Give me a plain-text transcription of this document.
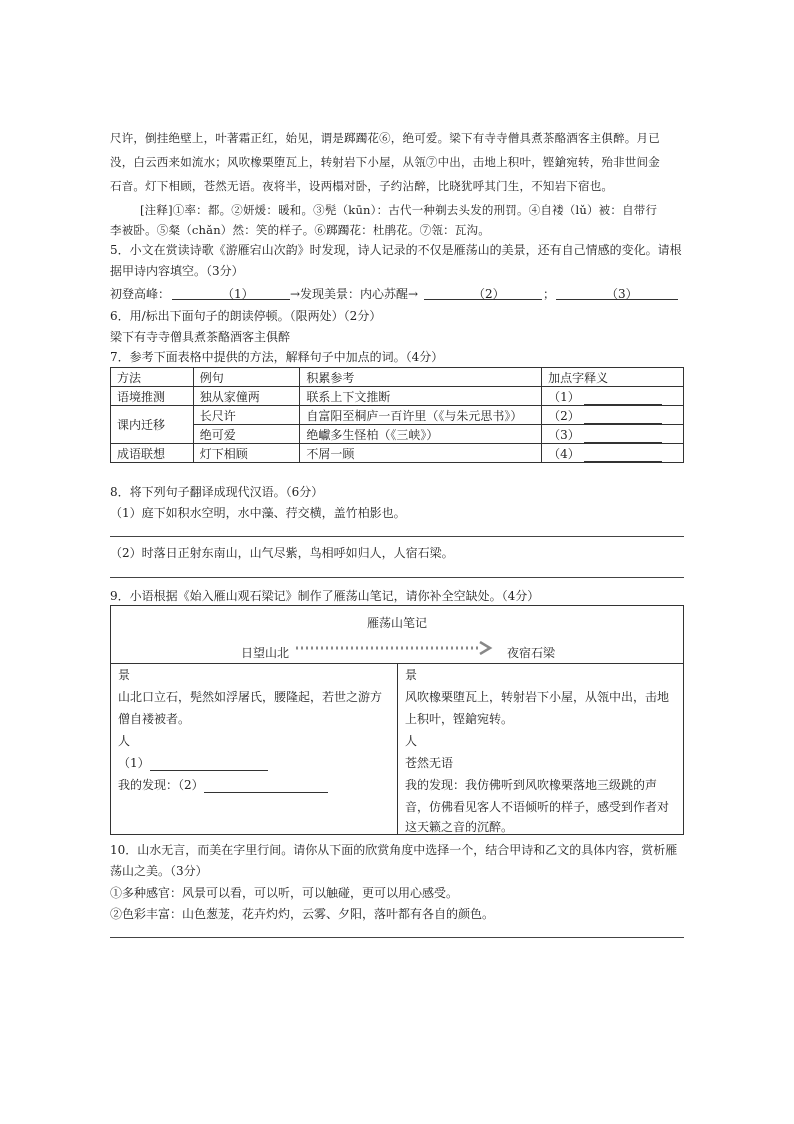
尺许，倒挂绝壁上，叶著霜正红，始见，谓是踯躅花⑥，绝可爱。梁下有寺寺僧具煮茶酪酒客主俱醉。月已
没，白云西来如流水；风吹橡栗堕瓦上，转射岩下小屋，从瓴⑦中出，击地上积叶，铿鎗宛转，殆非世间金
石音。灯下相顾，苍然无语。夜将半，设两榻对卧，子约沾醉，比晓犹呼其门生，不知岩下宿也。
[注释]①率：都。②妍煖：暖和。③髡（kūn）：古代一种剃去头发的刑罚。④自褛（lǔ）被：自带行
李被卧。⑤粲（chǎn）然：笑的样子。⑥踯躅花：杜鹃花。⑦瓴：瓦沟。
5．小文在赏读诗歌《游雁宕山次韵》时发现，诗人记录的不仅是雁荡山的美景，还有自己情感的变化。请根
据甲诗内容填空。（3分）
初登高峰：	（1）	→发现美景：内心苏醒→	（2）	；	（3）
6．用/标出下面句子的朗读停顿。（限两处）（2分）
梁下有寺寺僧具煮茶酪酒客主俱醉
7．参考下面表格中提供的方法，解释句子中加点的词。（4分）
方法	例句	积累参考	加点字释义
语境推测	独从家僮两	联系上下文推断	（1）
课内迁移	长尺许	自富阳至桐庐一百许里（《与朱元思书》）	（2）
	绝可爱	绝巘多生怪柏（《三峡》）	（3）
成语联想	灯下相顾	不屑一顾	（4）
8．将下列句子翻译成现代汉语。（6分）
（1）庭下如积水空明，水中藻、荇交横，盖竹柏影也。
（2）时落日正射东南山，山气尽紫，鸟相呼如归人，人宿石梁。
9．小语根据《始入雁山观石梁记》制作了雁荡山笔记，请你补全空缺处。（4分）
雁荡山笔记
日望山北	夜宿石梁
景
山北口立石，髡然如浮屠氏，腰隆起，若世之游方
僧自褛被者。
人
（1）
我的发现：（2）
景
风吹橡栗堕瓦上，转射岩下小屋，从瓴中出，击地
上积叶，铿鎗宛转。
人
苍然无语
我的发现：我仿佛听到风吹橡栗落地三级跳的声
音，仿佛看见客人不语倾听的样子，感受到作者对
这天籁之音的沉醉。
10．山水无言，而美在字里行间。请你从下面的欣赏角度中选择一个，结合甲诗和乙文的具体内容，赏析雁
荡山之美。（3分）
①多种感官：风景可以看，可以听，可以触碰，更可以用心感受。
②色彩丰富：山色葱茏，花卉灼灼，云雾、夕阳，落叶都有各自的颜色。
